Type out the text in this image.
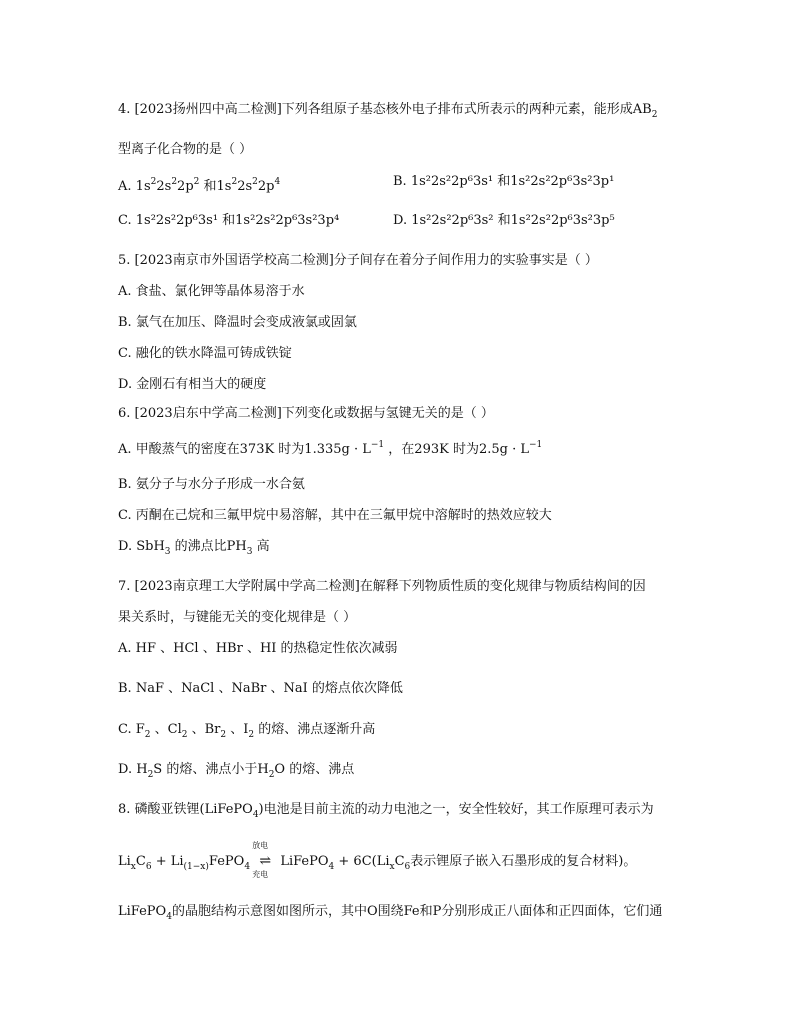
4. [2023扬州四中高二检测]下列各组原子基态核外电子排布式所表示的两种元素，能形成$AB_2$
型离子化合物的是（ ）
A. $1s^22s^22p^2$ 和$1s^22s^22p^4$	B. 1s²2s²2p⁶3s¹ 和1s²2s²2p⁶3s²3p¹
C. 1s²2s²2p⁶3s¹ 和1s²2s²2p⁶3s²3p⁴	D. 1s²2s²2p⁶3s² 和1s²2s²2p⁶3s²3p⁵
5. [2023南京市外国语学校高二检测]分子间存在着分子间作用力的实验事实是（ ）
A. 食盐、氯化钾等晶体易溶于水
B. 氯气在加压、降温时会变成液氯或固氯
C. 融化的铁水降温可铸成铁锭
D. 金刚石有相当大的硬度
6. [2023启东中学高二检测]下列变化或数据与氢键无关的是（ ）
A. 甲酸蒸气的密度在373K 时为$1.335g \cdot L^{-1}$ ，在293K 时为$2.5g \cdot L^{-1}$
B. 氨分子与水分子形成一水合氨
C. 丙酮在己烷和三氟甲烷中易溶解，其中在三氟甲烷中溶解时的热效应较大
D. SbH$_3$ 的沸点比$PH_3$ 高
7. [2023南京理工大学附属中学高二检测]在解释下列物质性质的变化规律与物质结构间的因
果关系时，与键能无关的变化规律是（ ）
A. HF 、HCl 、HBr 、HI 的热稳定性依次减弱
B. NaF 、NaCl 、NaBr 、NaI 的熔点依次降低
C. $F_2$ 、$Cl_2$ 、$Br_2$ 、$I_2$ 的熔、沸点逐渐升高
D. $H_2S$ 的熔、沸点小于$H_2O$ 的熔、沸点
8. 磷酸亚铁锂(LiFePO$_4$)电池是目前主流的动力电池之一，安全性较好，其工作原理可表示为
$Li_xC_6$ + $Li_{(1-x)}FePO_4$
放电
⇌
充电
LiFePO$_4$ + $6C(Li_xC_6$表示锂原子嵌入石墨形成的复合材料)。
LiFePO$_4$的晶胞结构示意图如图所示，其中O围绕Fe和P分别形成正八面体和正四面体，它们通
